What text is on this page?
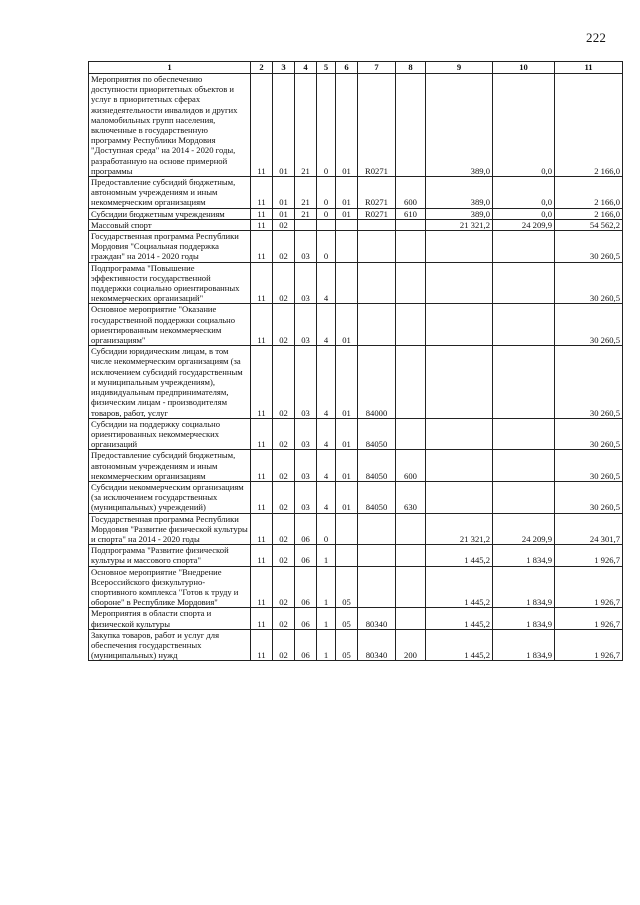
222
1	2	3	4	5	6	7	8	9	10	11
Мероприятия по обеспечению доступности приоритетных объектов и услуг в приоритетных сферах жизнедеятельности инвалидов и других маломобильных групп населения, включенные в государственную программу Республики Мордовия "Доступная среда" на 2014 - 2020 годы, разработанную на основе примерной программы	11	01	21	0	01	R0271		389,0	0,0	2 166,0
Предоставление субсидий бюджетным, автономным учреждениям и иным некоммерческим организациям	11	01	21	0	01	R0271	600	389,0	0,0	2 166,0
Субсидии бюджетным учреждениям	11	01	21	0	01	R0271	610	389,0	0,0	2 166,0
Массовый спорт	11	02						21 321,2	24 209,9	54 562,2
Государственная программа Республики Мордовия "Социальная поддержка граждан" на 2014 - 2020 годы	11	02	03	0						30 260,5
Подпрограмма "Повышение эффективности государственной поддержки социально ориентированных некоммерческих организаций"	11	02	03	4						30 260,5
Основное мероприятие "Оказание государственной поддержки социально ориентированным некоммерческим организациям"	11	02	03	4	01					30 260,5
Субсидии юридическим лицам, в том числе некоммерческим организациям (за исключением субсидий государственным и муниципальным учреждениям), индивидуальным предпринимателям, физическим лицам - производителям товаров, работ, услуг	11	02	03	4	01	84000				30 260,5
Субсидии на поддержку социально ориентированных некоммерческих организаций	11	02	03	4	01	84050				30 260,5
Предоставление субсидий бюджетным, автономным учреждениям и иным некоммерческим организациям	11	02	03	4	01	84050	600			30 260,5
Субсидии некоммерческим организациям (за исключением государственных (муниципальных) учреждений)	11	02	03	4	01	84050	630			30 260,5
Государственная программа Республики Мордовия "Развитие физической культуры и спорта" на 2014 - 2020 годы	11	02	06	0				21 321,2	24 209,9	24 301,7
Подпрограмма "Развитие физической культуры и массового спорта"	11	02	06	1				1 445,2	1 834,9	1 926,7
Основное мероприятие "Внедрение Всероссийского физкультурно-спортивного комплекса "Готов к труду и обороне" в Республике Мордовия"	11	02	06	1	05			1 445,2	1 834,9	1 926,7
Мероприятия в области спорта и физической культуры	11	02	06	1	05	80340		1 445,2	1 834,9	1 926,7
Закупка товаров, работ и услуг для обеспечения государственных (муниципальных) нужд	11	02	06	1	05	80340	200	1 445,2	1 834,9	1 926,7
